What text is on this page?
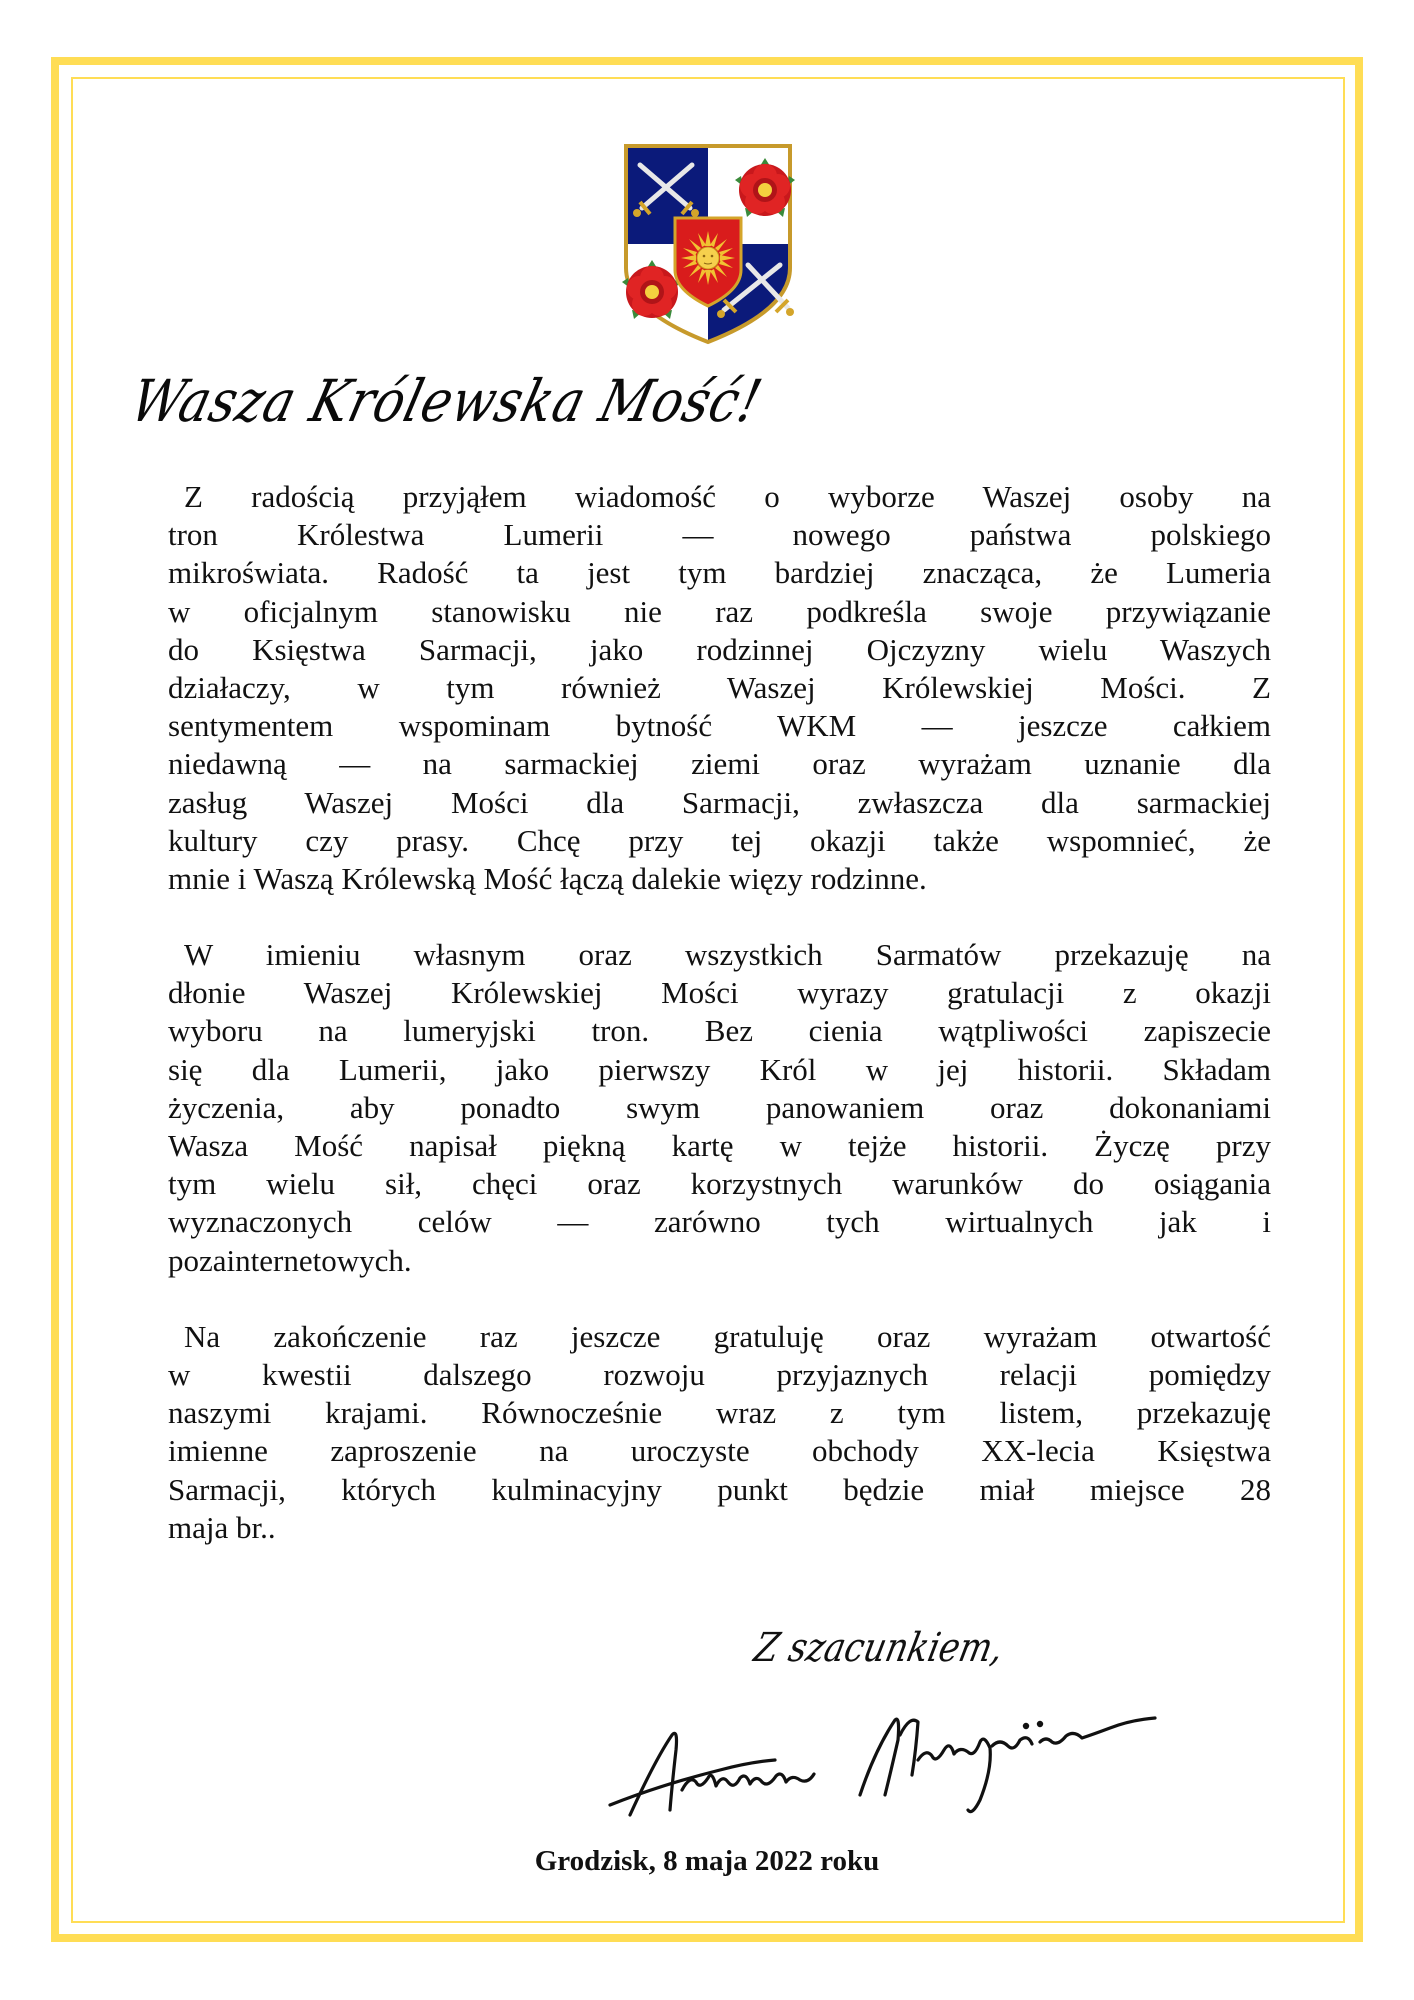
Wasza Królewska Mość!
Z radością przyjąłem wiadomość o wyborze Waszej osoby na
tron Królestwa Lumerii — nowego państwa polskiego
mikroświata. Radość ta jest tym bardziej znacząca, że Lumeria
w oficjalnym stanowisku nie raz podkreśla swoje przywiązanie
do Księstwa Sarmacji, jako rodzinnej Ojczyzny wielu Waszych
działaczy, w tym również Waszej Królewskiej Mości. Z
sentymentem wspominam bytność WKM — jeszcze całkiem
niedawną — na sarmackiej ziemi oraz wyrażam uznanie dla
zasług Waszej Mości dla Sarmacji, zwłaszcza dla sarmackiej
kultury czy prasy. Chcę przy tej okazji także wspomnieć, że
mnie i Waszą Królewską Mość łączą dalekie więzy rodzinne.
W imieniu własnym oraz wszystkich Sarmatów przekazuję na
dłonie Waszej Królewskiej Mości wyrazy gratulacji z okazji
wyboru na lumeryjski tron. Bez cienia wątpliwości zapiszecie
się dla Lumerii, jako pierwszy Król w jej historii. Składam
życzenia, aby ponadto swym panowaniem oraz dokonaniami
Wasza Mość napisał piękną kartę w tejże historii. Życzę przy
tym wielu sił, chęci oraz korzystnych warunków do osiągania
wyznaczonych celów — zarówno tych wirtualnych jak i
pozainternetowych.
Na zakończenie raz jeszcze gratuluję oraz wyrażam otwartość
w kwestii dalszego rozwoju przyjaznych relacji pomiędzy
naszymi krajami. Równocześnie wraz z tym listem, przekazuję
imienne zaproszenie na uroczyste obchody XX-lecia Księstwa
Sarmacji, których kulminacyjny punkt będzie miał miejsce 28
maja br..
Z szacunkiem,
Grodzisk, 8 maja 2022 roku
